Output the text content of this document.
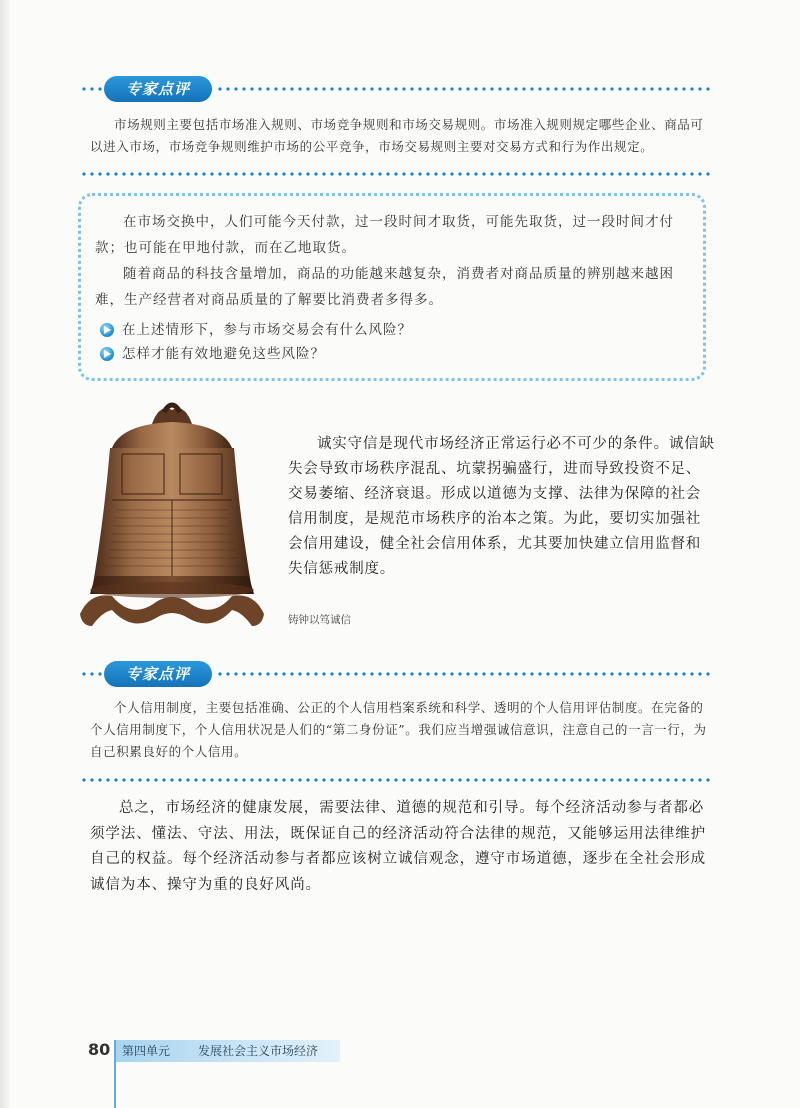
专家点评
市场规则主要包括市场准入规则、市场竞争规则和市场交易规则。市场准入规则规定哪些企业、商品可以进入市场，市场竞争规则维护市场的公平竞争，市场交易规则主要对交易方式和行为作出规定。
在市场交换中，人们可能今天付款，过一段时间才取货，可能先取货，过一段时间才付款；也可能在甲地付款，而在乙地取货。
随着商品的科技含量增加，商品的功能越来越复杂，消费者对商品质量的辨别越来越困难，生产经营者对商品质量的了解要比消费者多得多。
在上述情形下，参与市场交易会有什么风险？
怎样才能有效地避免这些风险？
诚实守信是现代市场经济正常运行必不可少的条件。诚信缺失会导致市场秩序混乱、坑蒙拐骗盛行，进而导致投资不足、交易萎缩、经济衰退。形成以道德为支撑、法律为保障的社会信用制度，是规范市场秩序的治本之策。为此，要切实加强社会信用建设，健全社会信用体系，尤其要加快建立信用监督和失信惩戒制度。
铸钟以笃诚信
专家点评
个人信用制度，主要包括准确、公正的个人信用档案系统和科学、透明的个人信用评估制度。在完备的个人信用制度下，个人信用状况是人们的“第二身份证”。我们应当增强诚信意识，注意自己的一言一行，为自己积累良好的个人信用。
总之，市场经济的健康发展，需要法律、道德的规范和引导。每个经济活动参与者都必须学法、懂法、守法、用法，既保证自己的经济活动符合法律的规范，又能够运用法律维护自己的权益。每个经济活动参与者都应该树立诚信观念，遵守市场道德，逐步在全社会形成诚信为本、操守为重的良好风尚。
80 第四单元 发展社会主义市场经济
